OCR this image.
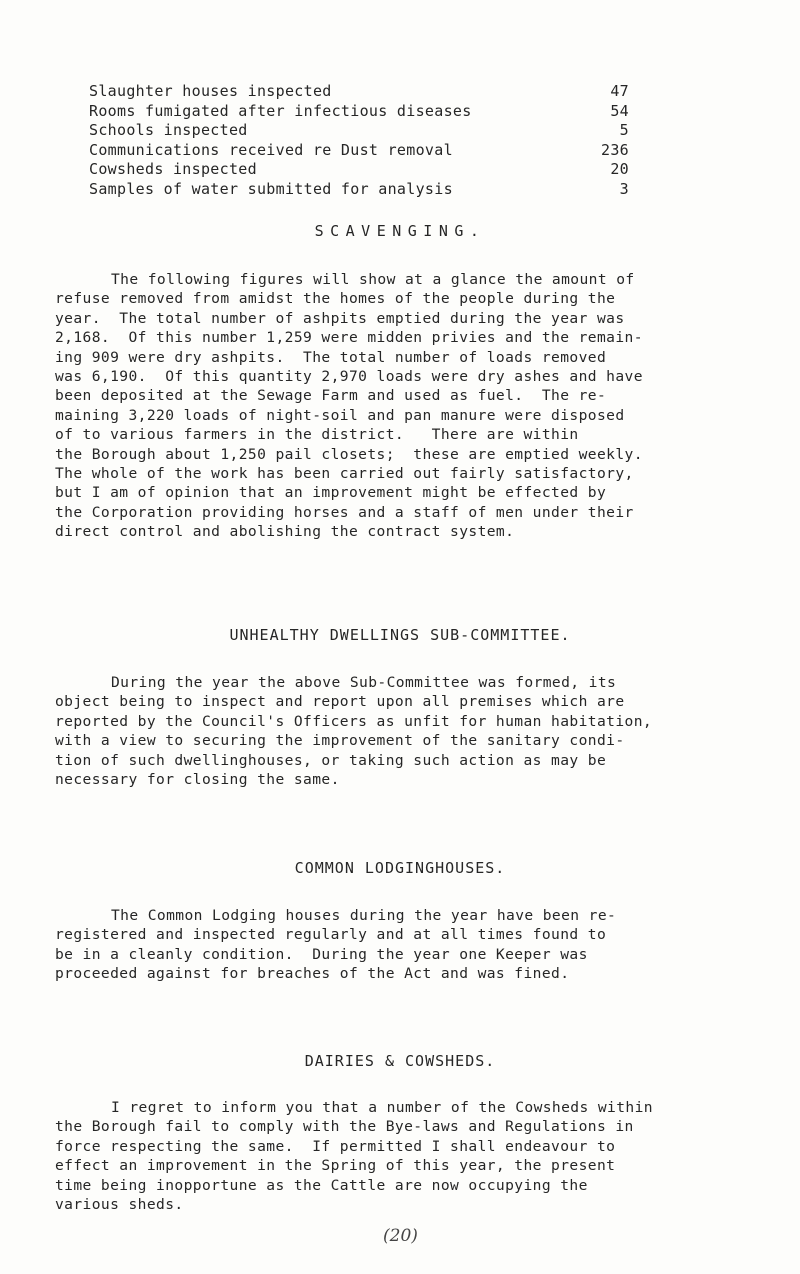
Slaughter houses inspected	47
Rooms fumigated after infectious diseases	54
Schools inspected	5
Communications received re Dust removal	236
Cowsheds inspected	20
Samples of water submitted for analysis	3
SCAVENGING.
The following figures will show at a glance the amount of
refuse removed from amidst the homes of the people during the
year.  The total number of ashpits emptied during the year was
2,168.  Of this number 1,259 were midden privies and the remain-
ing 909 were dry ashpits.  The total number of loads removed
was 6,190.  Of this quantity 2,970 loads were dry ashes and have
been deposited at the Sewage Farm and used as fuel.  The re-
maining 3,220 loads of night-soil and pan manure were disposed
of to various farmers in the district.   There are within
the Borough about 1,250 pail closets;  these are emptied weekly.
The whole of the work has been carried out fairly satisfactory,
but I am of opinion that an improvement might be effected by
the Corporation providing horses and a staff of men under their
direct control and abolishing the contract system.
UNHEALTHY DWELLINGS SUB-COMMITTEE.
During the year the above Sub-Committee was formed, its
object being to inspect and report upon all premises which are
reported by the Council's Officers as unfit for human habitation,
with a view to securing the improvement of the sanitary condi-
tion of such dwellinghouses, or taking such action as may be
necessary for closing the same.
COMMON LODGINGHOUSES.
The Common Lodging houses during the year have been re-
registered and inspected regularly and at all times found to
be in a cleanly condition.  During the year one Keeper was
proceeded against for breaches of the Act and was fined.
DAIRIES & COWSHEDS.
I regret to inform you that a number of the Cowsheds within
the Borough fail to comply with the Bye-laws and Regulations in
force respecting the same.  If permitted I shall endeavour to
effect an improvement in the Spring of this year, the present
time being inopportune as the Cattle are now occupying the
various sheds.
(20)
